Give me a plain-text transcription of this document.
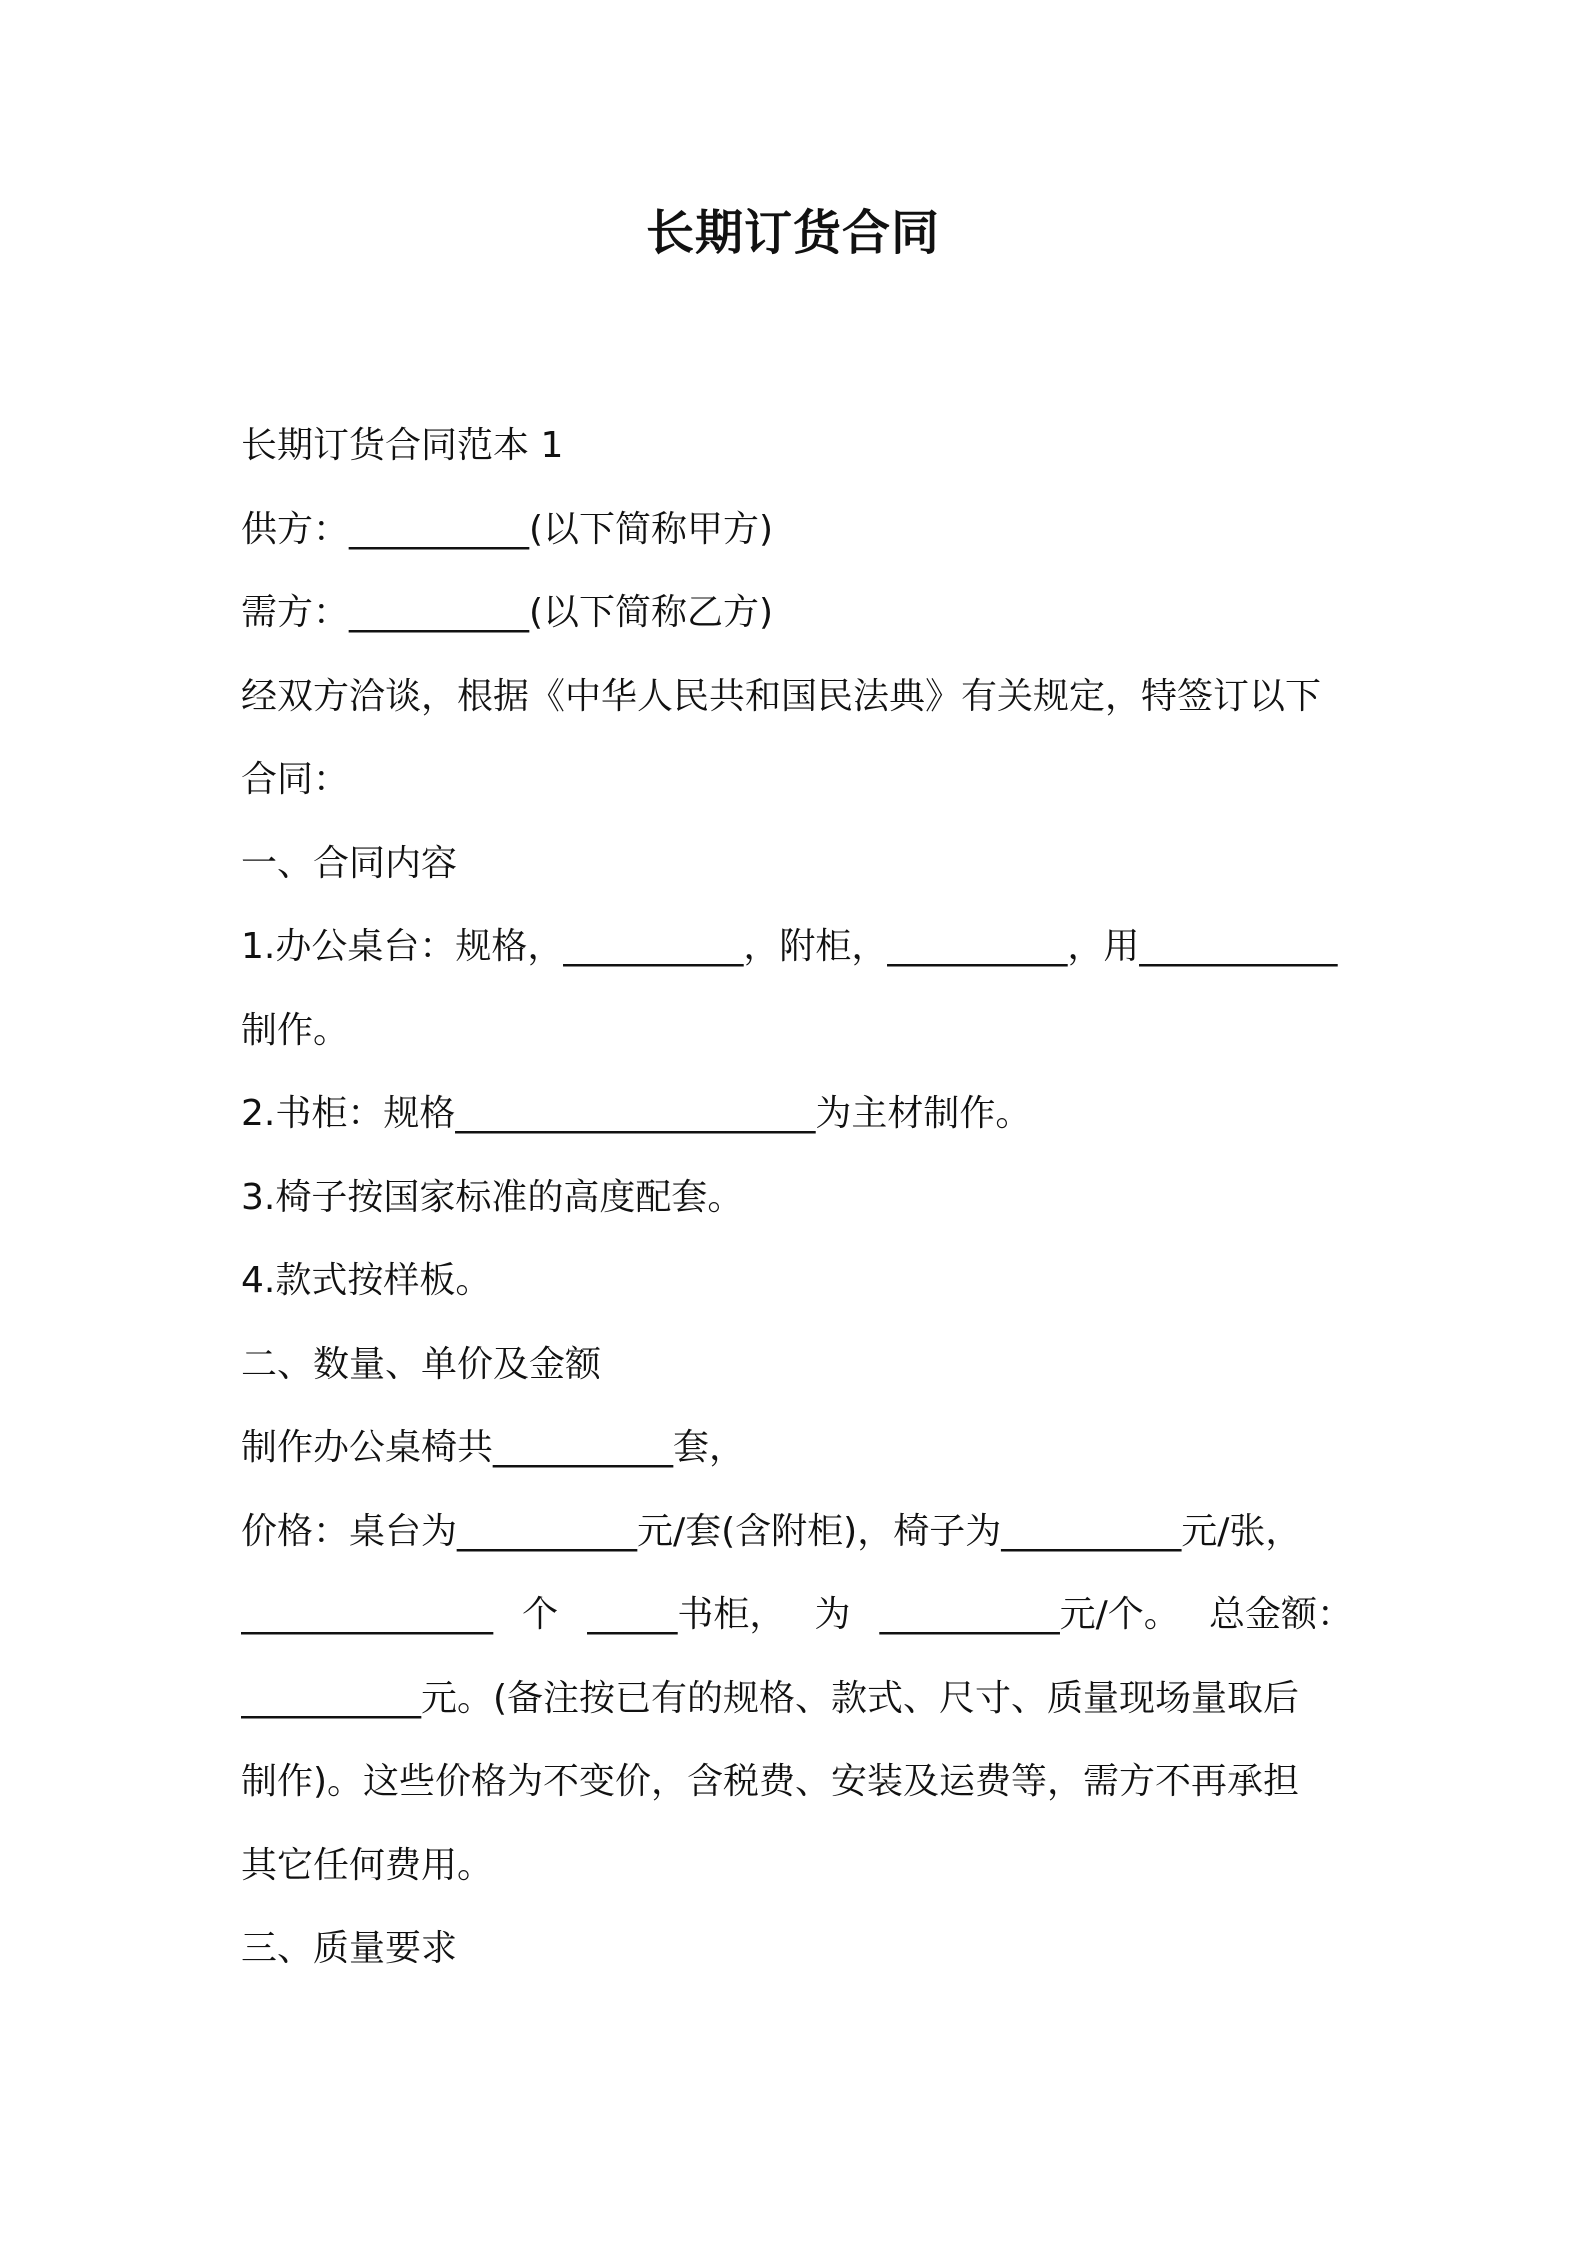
长期订货合同
长期订货合同范本 1
供方：__________(以下简称甲方)
需方：__________(以下简称乙方)
经双方洽谈，根据《中华人民共和国民法典》有关规定，特签订以下
合同：
一、合同内容
1.办公桌台：规格，__________，附柜，__________，用___________
制作。
2.书柜：规格____________________为主材制作。
3.椅子按国家标准的高度配套。
4.款式按样板。
二、数量、单价及金额
制作办公桌椅共__________套，
价格：桌台为__________元/套(含附柜)，椅子为__________元/张，
______________ 个 _____书柜， 为 __________元/个。 总金额：
__________元。(备注按已有的规格、款式、尺寸、质量现场量取后
制作)。这些价格为不变价，含税费、安装及运费等，需方不再承担
其它任何费用。
三、质量要求
